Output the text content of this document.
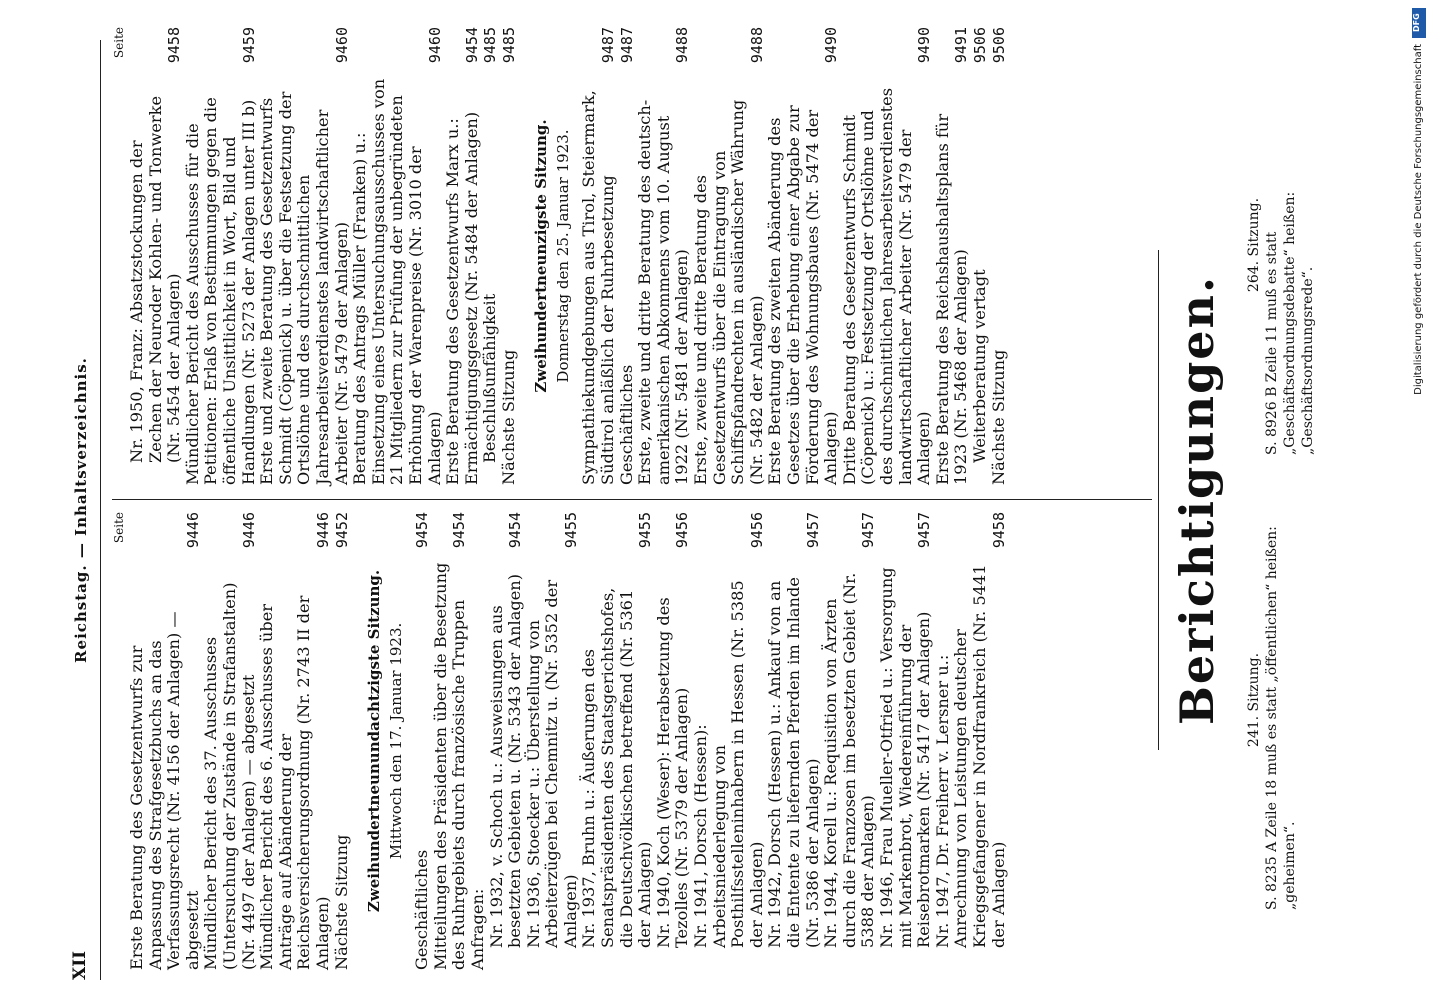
XII
Reichstag. — Inhaltsverzeichnis. Seite
Erste Beratung des Gesetzentwurfs zur Anpassung des Strafgesetzbuchs an das Verfassungsrecht (Nr. 4156 der Anlagen) — abgesetzt
9446
Mündlicher Bericht des 37. Ausschusses (Untersuchung der Zustände in Strafanstalten) (Nr. 4497 der Anlagen) — abgesetzt
9446
Mündlicher Bericht des 6. Ausschusses über Anträge auf Abänderung der Reichsversicherungsordnung (Nr. 2743 II der Anlagen)
9446
Nächste Sitzung
9452
Zweihundertneunundachtzigste Sitzung. Mittwoch den 17. Januar 1923.
Geschäftliches
9454
Mitteilungen des Präsidenten über die Besetzung des Ruhrgebiets durch französische Truppen
9454
Anfragen: Nr. 1932, v. Schoch u.: Ausweisungen aus besetzten Gebieten u. (Nr. 5343 der Anlagen)
9454
Nr. 1936, Stoecker u.: Überstellung von Arbeiterzügen bei Chemnitz u. (Nr. 5352 der Anlagen)
9455
Nr. 1937, Bruhn u.: Äußerungen des Senatspräsidenten des Staatsgerichtshofes, die Deutschvölkischen betreffend (Nr. 5361 der Anlagen)
9455
Nr. 1940, Koch (Weser): Herabsetzung des Tezolles (Nr. 5379 der Anlagen)
9456
Nr. 1941, Dorsch (Hessen): Arbeitsniederlegung von Posthilfsstelleninhabern in Hessen (Nr. 5385 der Anlagen)
9456
Nr. 1942, Dorsch (Hessen) u.: Ankauf von an die Entente zu liefernden Pferden im Inlande (Nr. 5386 der Anlagen)
9457
Nr. 1944, Korell u.: Requisition von Ärzten durch die Franzosen im besetzten Gebiet (Nr. 5388 der Anlagen)
9457
Nr. 1946, Frau Mueller-Otfried u.: Versorgung mit Markenbrot, Wiedereinführung der Reisebrotmarken (Nr. 5417 der Anlagen)
9457
Nr. 1947, Dr. Freiherr v. Lersner u.: Anrechnung von Leistungen deutscher Kriegsgefangener in Nordfrankreich (Nr. 5441 der Anlagen)
9458
Seite
Nr. 1950, Franz: Absatzstockungen der Zechen der Neuroder Kohlen- und Tonwerke (Nr. 5454 der Anlagen)
9458
Mündlicher Bericht des Ausschusses für die Petitionen: Erlaß von Bestimmungen gegen die öffentliche Unsittlichkeit in Wort, Bild und Handlungen (Nr. 5273 der Anlagen unter III b)
9459
Erste und zweite Beratung des Gesetzentwurfs Schmidt (Cöpenick) u. über die Festsetzung der Ortslöhne und des durchschnittlichen Jahresarbeitsverdienstes landwirtschaftlicher Arbeiter (Nr. 5479 der Anlagen)
9460
Beratung des Antrags Müller (Franken) u.: Einsetzung eines Untersuchungsausschusses von 21 Mitgliedern zur Prüfung der unbegründeten Erhöhung der Warenpreise (Nr. 3010 der Anlagen)
9460
Erste Beratung des Gesetzentwurfs Marx u.: Ermächtigungsgesetz (Nr. 5484 der Anlagen)
9454
Beschlußunfähigkeit
9485
Nächste Sitzung
9485
Zweihundertneunzigste Sitzung. Donnerstag den 25. Januar 1923. Sympathiekundgebungen aus Tirol, Steiermark, Südtirol anläßlich der Ruhrbesetzung
9487
Geschäftliches
9487
Erste, zweite und dritte Beratung des deutsch-amerikanischen Abkommens vom 10. August 1922 (Nr. 5481 der Anlagen)
9488
Erste, zweite und dritte Beratung des Gesetzentwurfs über die Eintragung von Schiffspfandrechten in ausländischer Währung (Nr. 5482 der Anlagen)
9488
Erste Beratung des zweiten Abänderung des Gesetzes über die Erhebung einer Abgabe zur Förderung des Wohnungsbaues (Nr. 5474 der Anlagen)
9490
Dritte Beratung des Gesetzentwurfs Schmidt (Cöpenick) u.: Festsetzung der Ortslöhne und des durchschnittlichen Jahresarbeitsverdienstes landwirtschaftlicher Arbeiter (Nr. 5479 der Anlagen)
9490
Erste Beratung des Reichshaushaltsplans für 1923 (Nr. 5468 der Anlagen)
9491
Weiterberatung vertagt
9506
Nächste Sitzung
9506
Berichtigungen. 241. Sitzung. S. 8235 A Zeile 18 muß es statt „öffentlichen“ heißen: „geheimen“.
264. Sitzung. S. 8926 B Zeile 11 muß es statt „Geschäftsordnungsdebatte“ heißen: „Geschäftsordnungsrede“.
DFG
Digitalisierung gefördert durch die Deutsche Forschungsgemeinschaft
